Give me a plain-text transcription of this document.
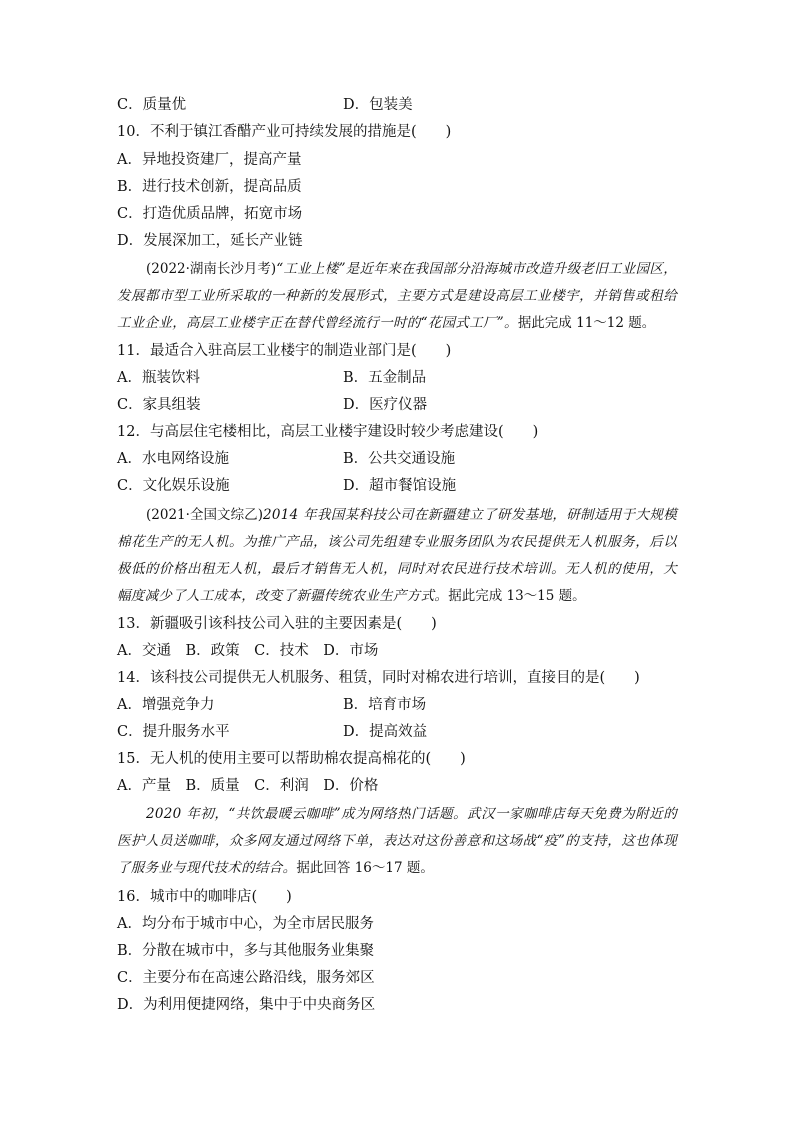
C．质量优	D．包装美
10．不利于镇江香醋产业可持续发展的措施是(　　)
A．异地投资建厂，提高产量
B．进行技术创新，提高品质
C．打造优质品牌，拓宽市场
D．发展深加工，延长产业链
(2022·湖南长沙月考)“工业上楼”是近年来在我国部分沿海城市改造升级老旧工业园区，发展都市型工业所采取的一种新的发展形式，主要方式是建设高层工业楼宇，并销售或租给工业企业，高层工业楼宇正在替代曾经流行一时的“花园式工厂”。据此完成 11～12 题。
11．最适合入驻高层工业楼宇的制造业部门是(　　)
A．瓶装饮料	B．五金制品
C．家具组装	D．医疗仪器
12．与高层住宅楼相比，高层工业楼宇建设时较少考虑建设(　　)
A．水电网络设施	B．公共交通设施
C．文化娱乐设施	D．超市餐馆设施
(2021·全国文综乙)2014 年我国某科技公司在新疆建立了研发基地，研制适用于大规模棉花生产的无人机。为推广产品，该公司先组建专业服务团队为农民提供无人机服务，后以极低的价格出租无人机，最后才销售无人机，同时对农民进行技术培训。无人机的使用，大幅度减少了人工成本，改变了新疆传统农业生产方式。据此完成 13～15 题。
13．新疆吸引该科技公司入驻的主要因素是(　　)
A．交通　B．政策　C．技术　D．市场
14．该科技公司提供无人机服务、租赁，同时对棉农进行培训，直接目的是(　　)
A．增强竞争力	B．培育市场
C．提升服务水平	D．提高效益
15．无人机的使用主要可以帮助棉农提高棉花的(　　)
A．产量　B．质量　C．利润　D．价格
2020 年初，“共饮最暖云咖啡”成为网络热门话题。武汉一家咖啡店每天免费为附近的医护人员送咖啡，众多网友通过网络下单，表达对这份善意和这场战“疫”的支持，这也体现了服务业与现代技术的结合。据此回答 16～17 题。
16．城市中的咖啡店(　　)
A．均分布于城市中心，为全市居民服务
B．分散在城市中，多与其他服务业集聚
C．主要分布在高速公路沿线，服务郊区
D．为利用便捷网络，集中于中央商务区
